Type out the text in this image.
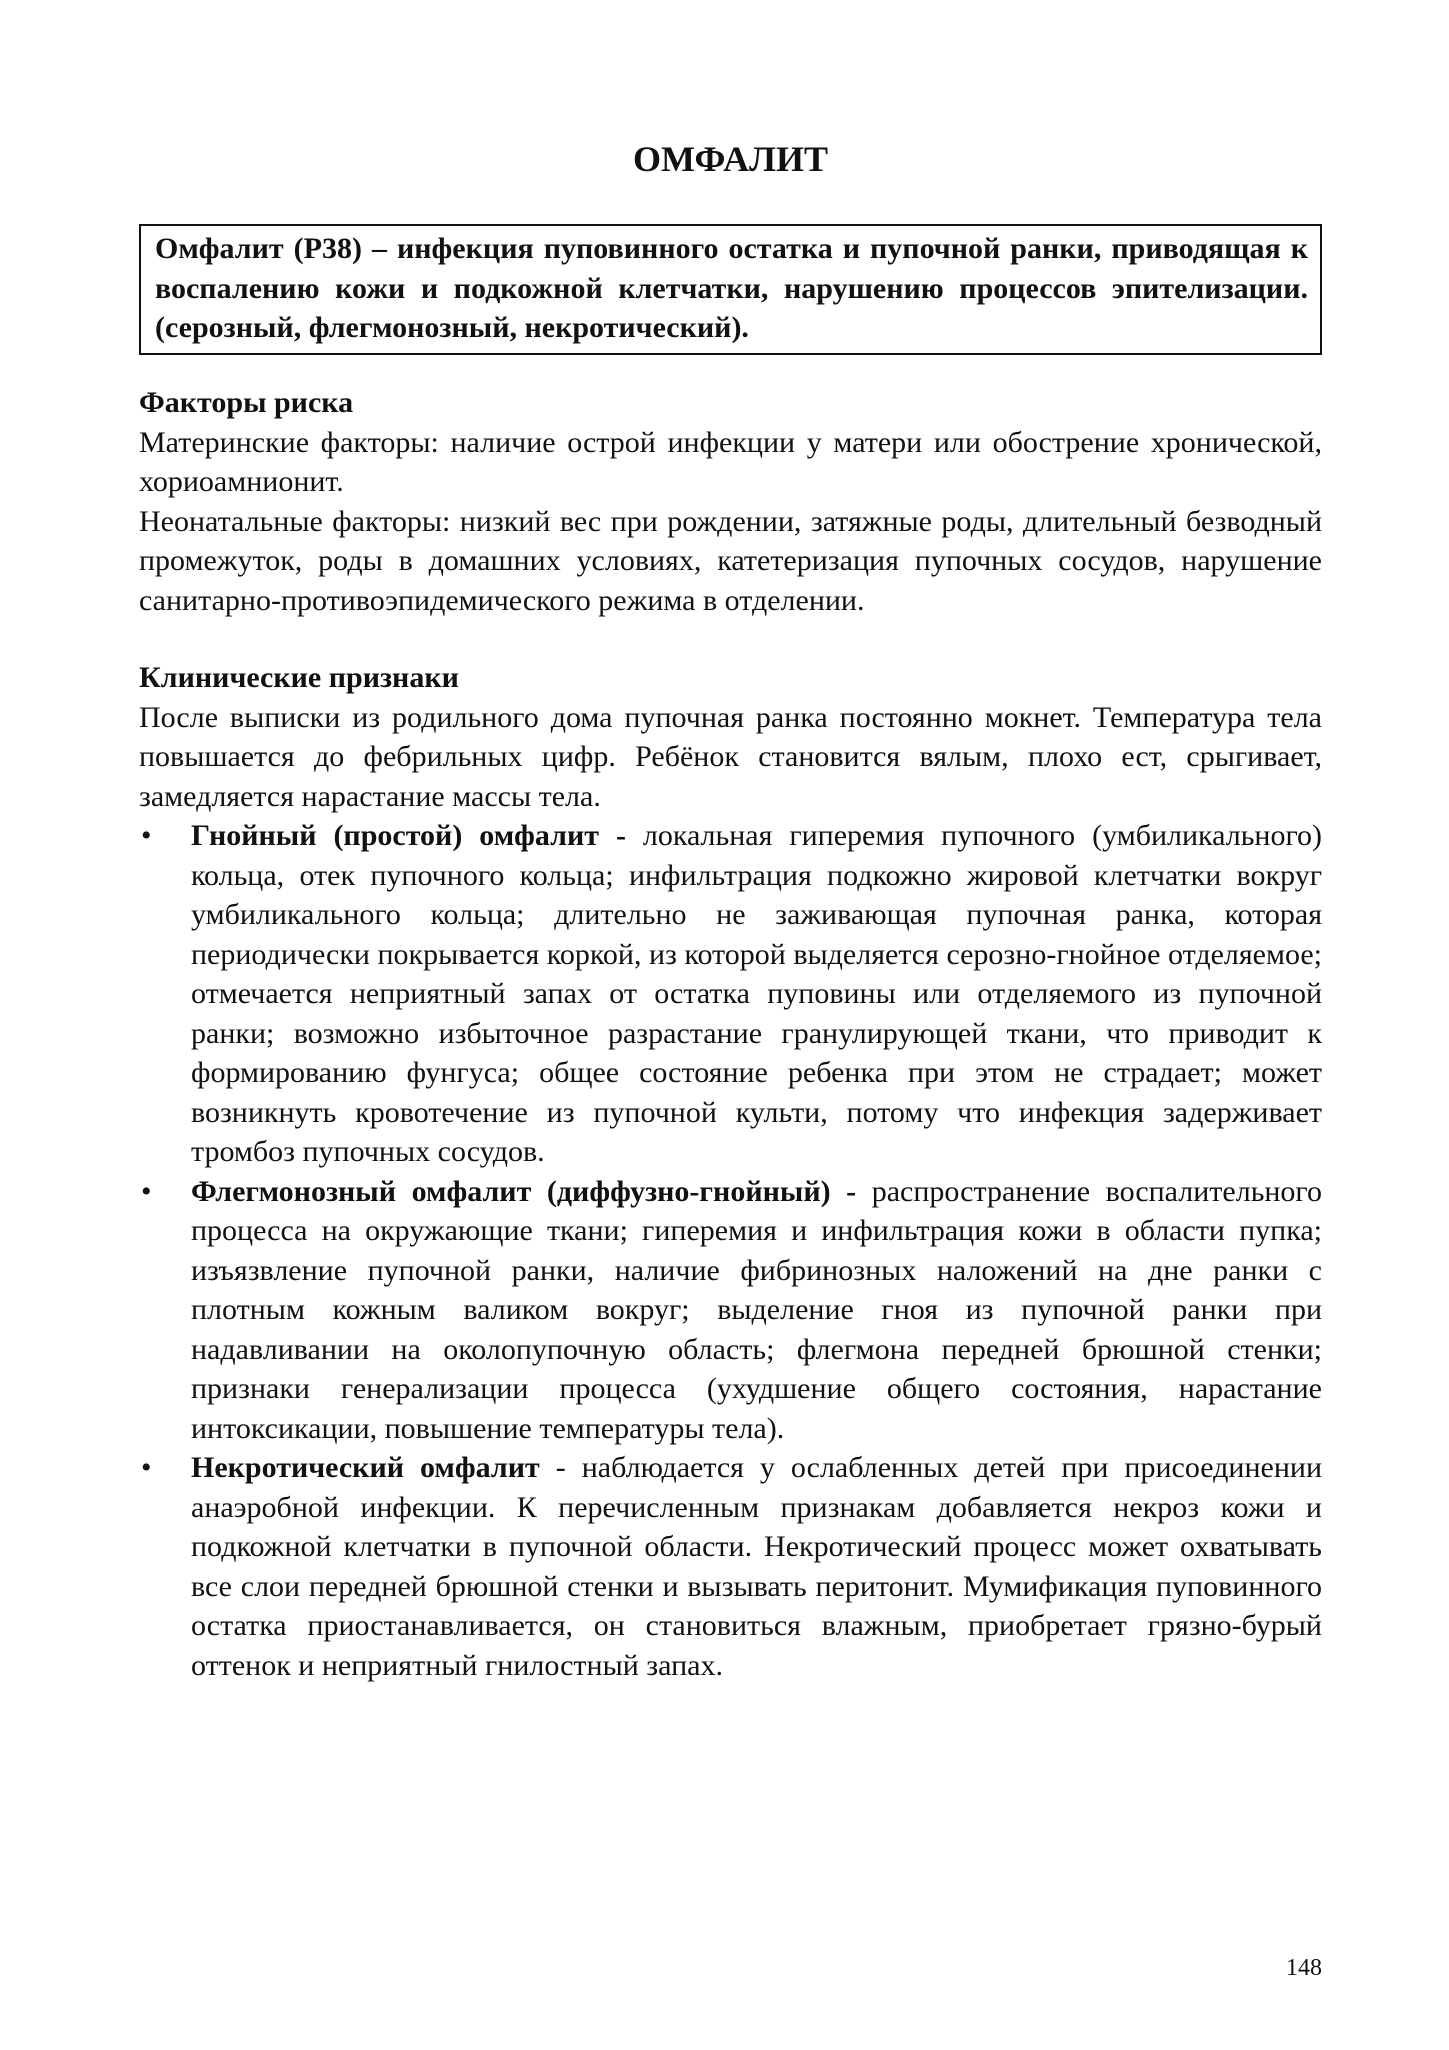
ОМФАЛИТ

Омфалит (P38) – инфекция пуповинного остатка и пупочной ранки, приводящая к воспалению кожи и подкожной клетчатки, нарушению процессов эпителизации. (серозный, флегмонозный, некротический).

Факторы риска

Материнские факторы: наличие острой инфекции у матери или обострение хронической, хориоамнионит.

Неонатальные факторы: низкий вес при рождении, затяжные роды, длительный безводный промежуток, роды в домашних условиях, катетеризация пупочных сосудов, нарушение санитарно-противоэпидемического режима в отделении.

Клинические признаки

После выписки из родильного дома пупочная ранка постоянно мокнет. Температура тела повышается до фебрильных цифр. Ребёнок становится вялым, плохо ест, срыгивает, замедляется нарастание массы тела.

•	Гнойный (простой) омфалит - локальная гиперемия пупочного (умбиликального) кольца, отек пупочного кольца; инфильтрация подкожно жировой клетчатки вокруг умбиликального кольца; длительно не заживающая пупочная ранка, которая периодически покрывается коркой, из которой выделяется серозно-гнойное отделяемое; отмечается неприятный запах от остатка пуповины или отделяемого из пупочной ранки; возможно избыточное разрастание гранулирующей ткани, что приводит к формированию фунгуса; общее состояние ребенка при этом не страдает; может возникнуть кровотечение из пупочной культи, потому что инфекция задерживает тромбоз пупочных сосудов.
•	Флегмонозный омфалит (диффузно-гнойный) - распространение воспалительного процесса на окружающие ткани; гиперемия и инфильтрация кожи в области пупка; изъязвление пупочной ранки, наличие фибринозных наложений на дне ранки с плотным кожным валиком вокруг; выделение гноя из пупочной ранки при надавливании на околопупочную область; флегмона передней брюшной стенки; признаки генерализации процесса (ухудшение общего состояния, нарастание интоксикации, повышение температуры тела).
•	Некротический омфалит - наблюдается у ослабленных детей при присоединении анаэробной инфекции. К перечисленным признакам добавляется некроз кожи и подкожной клетчатки в пупочной области. Некротический процесс может охватывать все слои передней брюшной стенки и вызывать перитонит. Мумификация пуповинного остатка приостанавливается, он становиться влажным, приобретает грязно-бурый оттенок и неприятный гнилостный запах.
148
